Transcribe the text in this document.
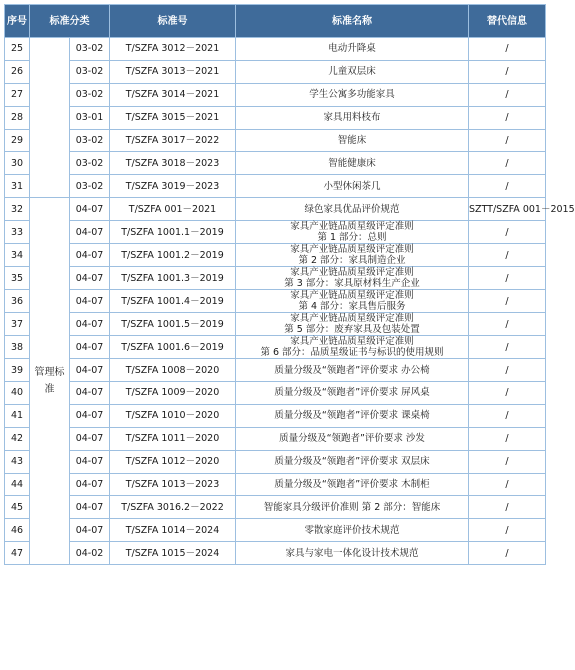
序号	标准分类		标准号	标准名称	替代信息
25		03-02	T/SZFA 3012－2021	电动升降桌	/
26		03-02	T/SZFA 3013－2021	儿童双层床	/
27		03-02	T/SZFA 3014－2021	学生公寓多功能家具	/
28		03-01	T/SZFA 3015－2021	家具用料枝布	/
29		03-02	T/SZFA 3017－2022	智能床	/
30		03-02	T/SZFA 3018－2023	智能健康床	/
31		03-02	T/SZFA 3019－2023	小型休闲茶几	/
32	管理标准	04-07	T/SZFA 001－2021	绿色家具优品评价规范	SZTT/SZFA 001－2015
33		04-07	T/SZFA 1001.1－2019	家具产业链品质星级评定准则
第 1 部分：总则	/
34		04-07	T/SZFA 1001.2－2019	家具产业链品质星级评定准则
第 2 部分：家具制造企业	/
35		04-07	T/SZFA 1001.3－2019	家具产业链品质星级评定准则
第 3 部分：家具原材料生产企业	/
36		04-07	T/SZFA 1001.4－2019	家具产业链品质星级评定准则
第 4 部分：家具售后服务	/
37		04-07	T/SZFA 1001.5－2019	家具产业链品质星级评定准则
第 5 部分：废弃家具及包装处置	/
38		04-07	T/SZFA 1001.6－2019	家具产业链品质星级评定准则
第 6 部分：品质星级证书与标识的使用规则	/
39		04-07	T/SZFA 1008－2020	质量分级及“领跑者”评价要求 办公椅	/
40		04-07	T/SZFA 1009－2020	质量分级及“领跑者”评价要求 屏风桌	/
41		04-07	T/SZFA 1010－2020	质量分级及“领跑者”评价要求 课桌椅	/
42		04-07	T/SZFA 1011－2020	质量分级及“领跑者”评价要求 沙发	/
43		04-07	T/SZFA 1012－2020	质量分级及“领跑者”评价要求 双层床	/
44		04-07	T/SZFA 1013－2023	质量分级及“领跑者”评价要求 木制柜	/
45		04-07	T/SZFA 3016.2－2022	智能家具分级评价准则 第 2 部分：智能床	/
46		04-07	T/SZFA 1014－2024	零散家庭评价技术规范	/
47		04-02	T/SZFA 1015－2024	家具与家电一体化设计技术规范	/
